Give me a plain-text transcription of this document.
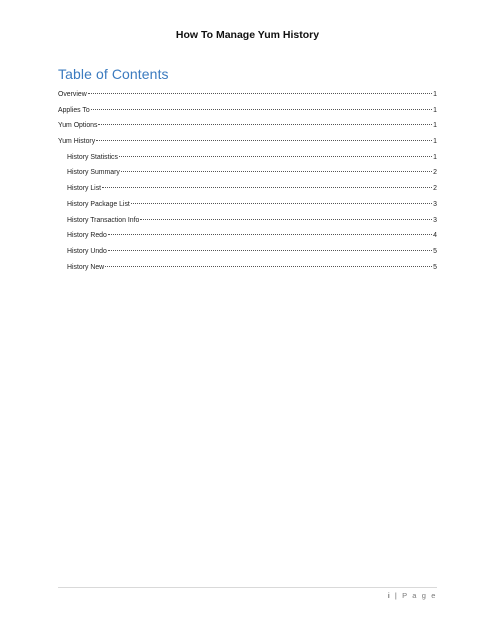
How To Manage Yum History
Table of Contents
Overview	1
Applies To	1
Yum Options	1
Yum History	1
History Statistics	1
History Summary	2
History List	2
History Package List	3
History Transaction Info	3
History Redo	4
History Undo	5
History New	5
i | P a g e
